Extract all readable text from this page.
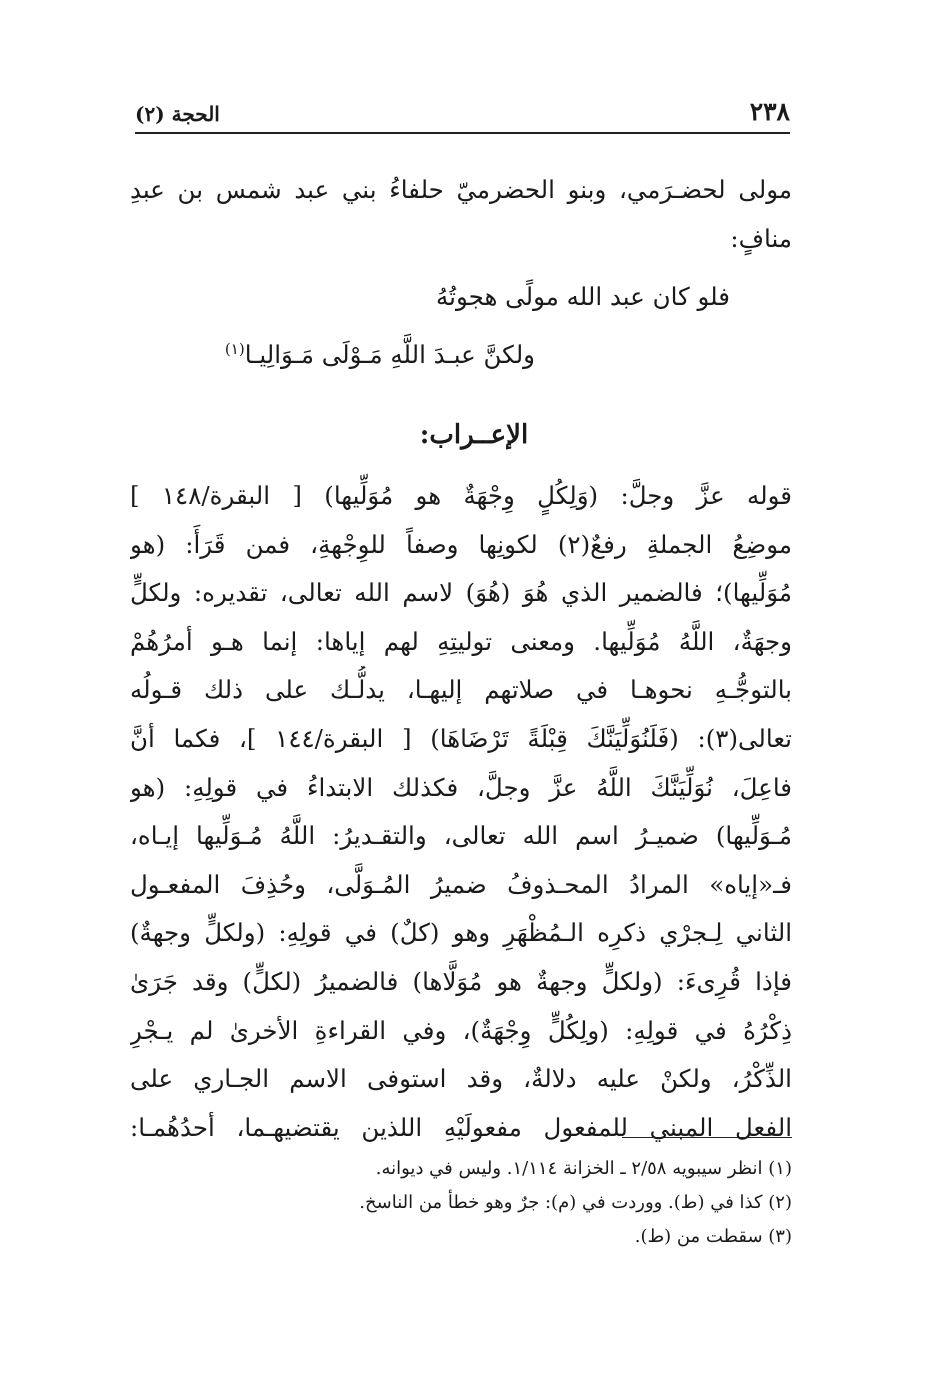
٢٣٨
الحجة (٢)

مولى لحضـرَمي، وبنو الحضرميّ حلفاءُ بني عبد شمس بن عبدِ منافٍ:

فلو كان عبد الله مولًى هجوتُهُ

ولكنَّ عبـدَ اللَّهِ مَـوْلَى مَـوَالِيـا$^{(١)}$

الإعــراب:
قوله عزَّ وجلَّ: (وَلِكُلٍ وِجْهَةٌ هو مُوَلِّيها) [ البقرة/١٤٨ ]
موضِعُ الجملةِ رفعٌ(٢) لكونِها وصفاً للوِجْهةِ، فمن قَرَأَ: (هو
مُوَلِّيها)؛ فالضمير الذي هُوَ (هُوَ) لاسم الله تعالى، تقديره: ولكلٍّ
وجهَةٌ، اللَّهُ مُوَلِّيها. ومعنى توليتِهِ لهم إياها: إنما هـو أمرُهُمْ
بالتوجُّـهِ نحوهـا في صلاتهم إليهـا، يدلُّـك على ذلك قـولُه
تعالى(٣): (فَلَنُوَلِّيَنَّكَ قِبْلَةً تَرْضَاهَا) [ البقرة/١٤٤ ]، فكما أنَّ
فاعِلَ، نُوَلِّيَنَّكَ اللَّهُ عزَّ وجلَّ، فكذلك الابتداءُ في قولِهِ: (هو
مُـوَلِّيها) ضميـرُ اسم الله تعالى، والتقـديرُ: اللَّهُ مُـوَلِّيها إيـاه،
فـ«إياه» المرادُ المحـذوفُ ضميرُ المُـوَلَّى، وحُذِفَ المفعـول
الثاني لِـجرْي ذكرِه الـمُظْهَرِ وهو (كلٌ) في قولِهِ: (ولكلٍّ وجهةٌ)
فإذا قُرِىءَ: (ولكلٍّ وجهةٌ هو مُوَلَّاها) فالضميرُ (لكلٍّ) وقد جَرَىٰ
ذِكْرُهُ في قولِهِ: (ولِكُلٍّ وِجْهَةٌ)، وفي القراءةِ الأخرىٰ لم يـجْرِ
الذِّكْرُ، ولكنْ عليه دلالةٌ، وقد استوفى الاسم الجـاري على
الفعل المبني للمفعول مفعولَيْهِ اللذين يقتضيهـما، أحدُهُمـا:

(١) انظر سيبويه ٢/٥٨ ـ الخزانة ١/١١٤. وليس في ديوانه.

(٢) كذا في (ط). ووردت في (م): جرٌ وهو خطأ من الناسخ.

(٣) سقطت من (ط).
